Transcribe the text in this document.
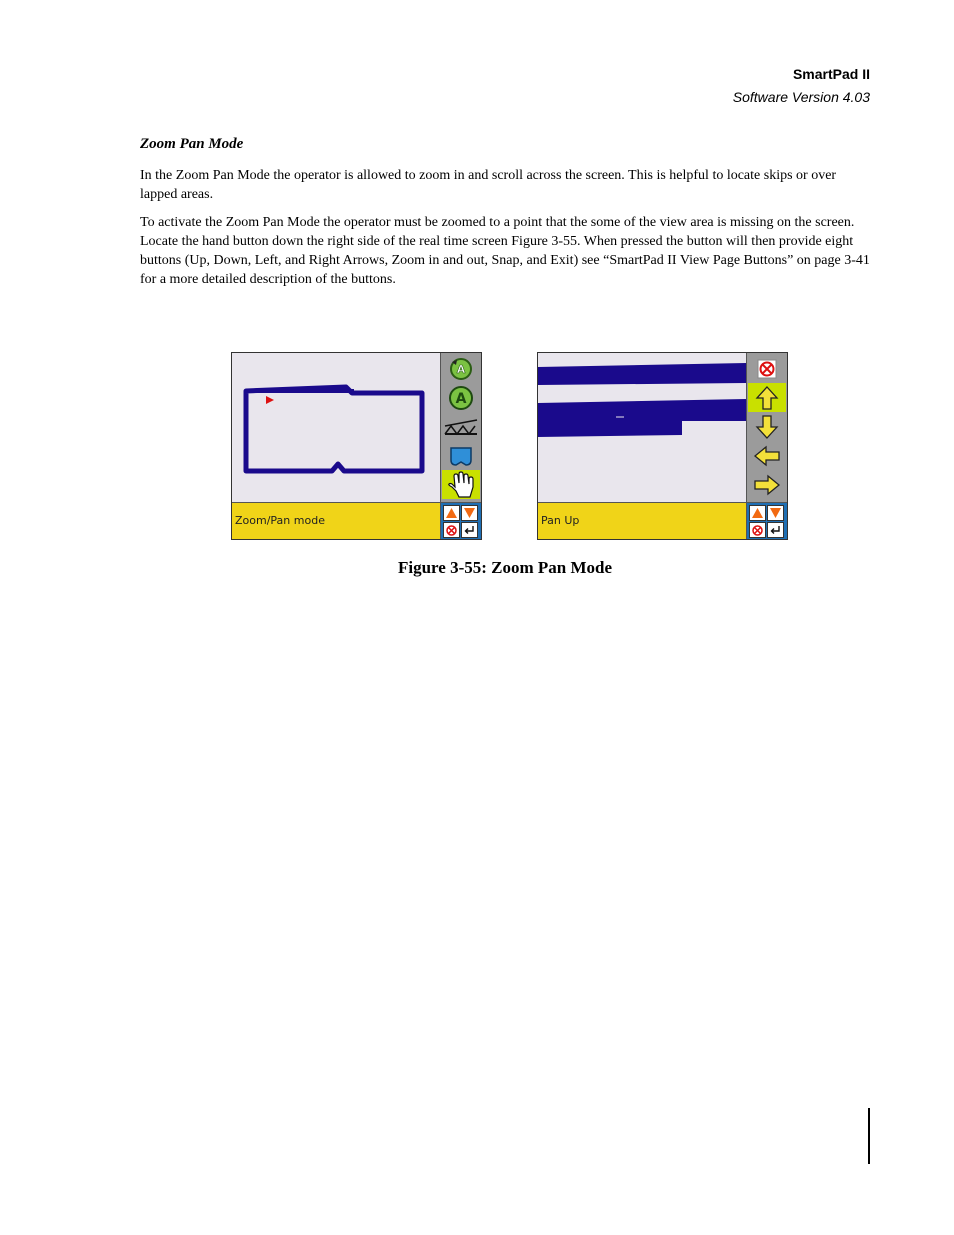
SmartPad II
Software Version 4.03
Zoom Pan Mode

In the Zoom Pan Mode the operator is allowed to zoom in and scroll across the screen. This is helpful to locate skips or over lapped areas.

To activate the Zoom Pan Mode the operator must be zoomed to a point that the some of the view area is missing on the screen. Locate the hand button down the right side of the real time screen Figure 3-55. When pressed the button will then provide eight buttons (Up, Down, Left, and Right Arrows, Zoom in and out, Snap, and Exit) see “SmartPad II View Page Buttons” on page 3-41 for a more detailed description of the buttons.

A
A
Zoom/Pan mode	Pan Up
Figure 3-55: Zoom Pan Mode
